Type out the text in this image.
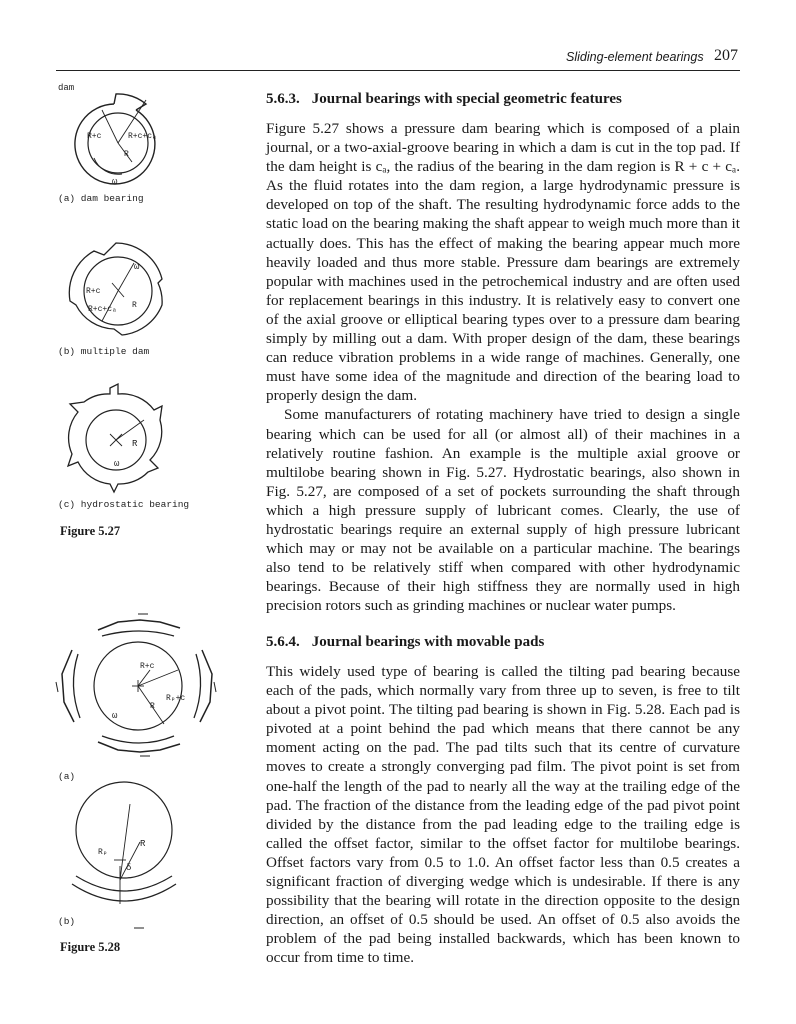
Sliding-element bearings 207
5.6.3. Journal bearings with special geometric features
Figure 5.27 shows a pressure dam bearing which is composed of a plain journal, or a two-axial-groove bearing in which a dam is cut in the top pad. If the dam height is cₐ, the radius of the bearing in the dam region is R + c + cₐ. As the fluid rotates into the dam region, a large hydrodynamic pressure is developed on top of the shaft. The resulting hydrodynamic force adds to the static load on the bearing making the shaft appear to weigh much more than it actually does. This has the effect of making the bearing appear much more heavily loaded and thus more stable. Pressure dam bearings are extremely popular with machines used in the petrochemical industry and are often used for replacement bearings in this industry. It is relatively easy to convert one of the axial groove or elliptical bearing types over to a pressure dam bearing simply by milling out a dam. With proper design of the dam, these bearings can reduce vibration problems in a wide range of machines. Generally, one must have some idea of the magnitude and direction of the bearing load to properly design the dam.
Some manufacturers of rotating machinery have tried to design a single bearing which can be used for all (or almost all) of their machines in a relatively routine fashion. An example is the multiple axial groove or multilobe bearing shown in Fig. 5.27. Hydrostatic bearings, also shown in Fig. 5.27, are composed of a set of pockets surrounding the shaft through which a high pressure supply of lubricant comes. Clearly, the use of hydrostatic bearings require an external supply of high pressure lubricant which may or may not be available on a particular machine. The bearings also tend to be relatively stiff when compared with other hydrodynamic bearings. Because of their high stiffness they are normally used in high precision rotors such as grinding machines or nuclear water pumps.
5.6.4. Journal bearings with movable pads
This widely used type of bearing is called the tilting pad bearing because each of the pads, which normally vary from three up to seven, is free to tilt about a pivot point. The tilting pad bearing is shown in Fig. 5.28. Each pad is pivoted at a point behind the pad which means that there cannot be any moment acting on the pad. The pad tilts such that its centre of curvature moves to create a strongly converging pad film. The pivot point is set from one-half the length of the pad to nearly all the way at the trailing edge of the pad. The fraction of the distance from the leading edge of the pad pivot point divided by the distance from the pad leading edge to the trailing edge is called the offset factor, similar to the offset factor for multilobe bearings. Offset factors vary from 0.5 to 1.0. An offset factor less than 0.5 creates a significant fraction of diverging wedge which is undesirable. If there is any possibility that the bearing will rotate in the direction opposite to the design direction, an offset of 0.5 should be used. An offset of 0.5 also avoids the problem of the pad being installed backwards, which has been known to occur from time to time.
dam
R+c	R+c+cₐ
R
ω
(a) dam bearing
R+c
R+c+cₐ R
ω
(b) multiple dam
R
ω
(c) hydrostatic bearing
Figure 5.27
R+c
Rₚ+c
R
ω
(a)
R
Rₚ
δ
(b)
Figure 5.28
